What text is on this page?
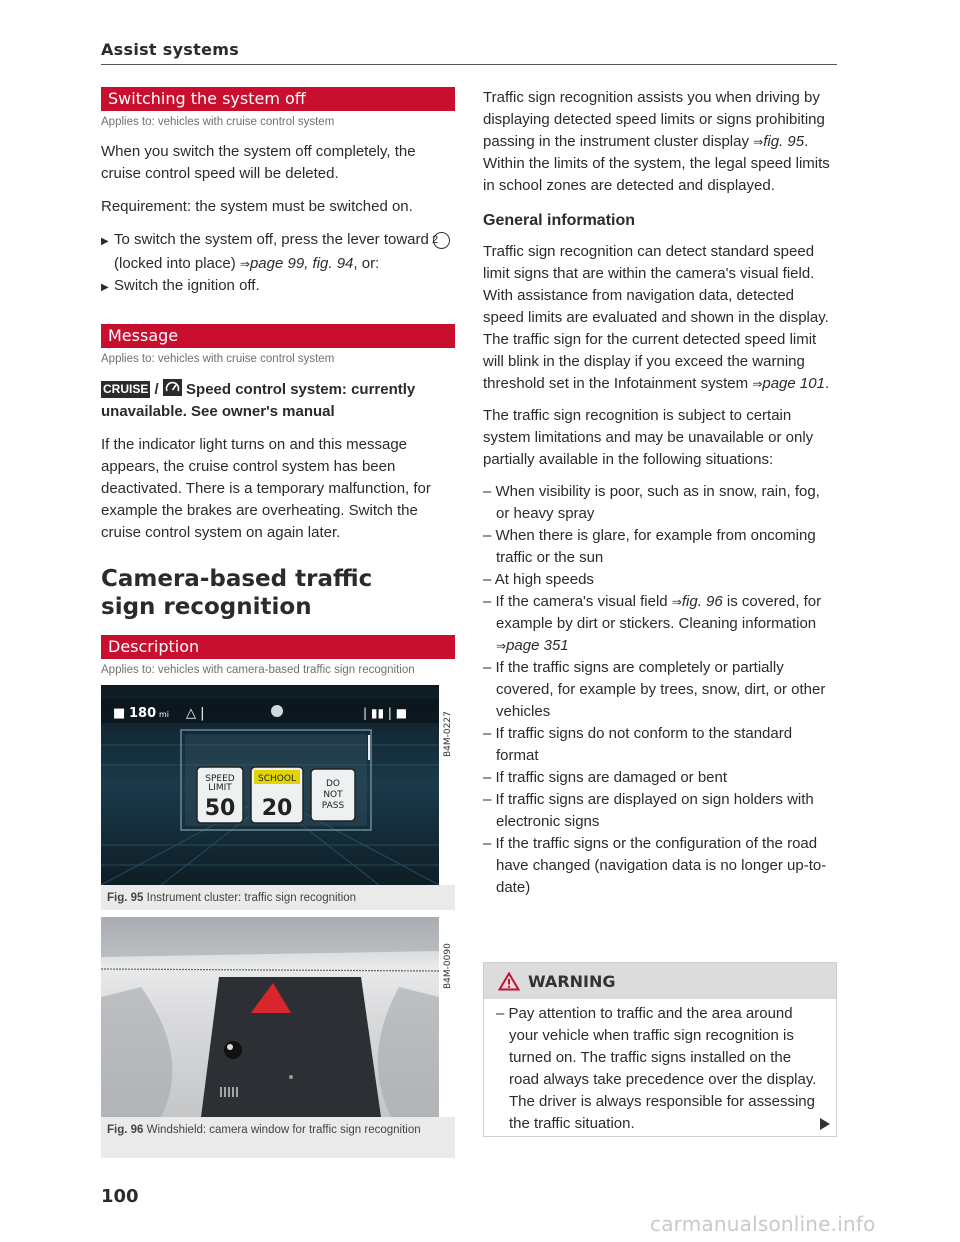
Assist systems
Switching the system off
Applies to: vehicles with cruise control system

When you switch the system off completely, the cruise control speed will be deleted.

Requirement: the system must be switched on.

▶ To switch the system off, press the lever toward 2 (locked into place) ⇒page 99, fig. 94, or:
▶ Switch the ignition off.
Message
Applies to: vehicles with cruise control system
CRUISE /  Speed control system: currently unavailable. See owner's manual

If the indicator light turns on and this message appears, the cruise control system has been deactivated. There is a temporary malfunction, for example the brakes are overheating. Switch the cruise control system on again later.

Camera-based traffic
sign recognition
Description
Applies to: vehicles with camera-based traffic sign recognition
■ 180 mi △ |	| ▮▮ | ■
SPEED
LIMIT
50
SCHOOL
20
DO
NOT
PASS
B4M-0227
Fig. 95 Instrument cluster: traffic sign recognition
B4M-0090
Fig. 96 Windshield: camera window for traffic sign recognition

Traffic sign recognition assists you when driving by displaying detected speed limits or signs prohibiting passing in the instrument cluster display ⇒fig. 95. Within the limits of the system, the legal speed limits in school zones are detected and displayed.

General information

Traffic sign recognition can detect standard speed limit signs that are within the camera's visual field. With assistance from navigation data, detected speed limits are evaluated and shown in the display. The traffic sign for the current detected speed limit will blink in the display if you exceed the warning threshold set in the Infotainment system ⇒page 101.

The traffic sign recognition is subject to certain system limitations and may be unavailable or only partially available in the following situations:

– When visibility is poor, such as in snow, rain, fog, or heavy spray
– When there is glare, for example from oncoming traffic or the sun
– At high speeds
– If the camera's visual field ⇒fig. 96 is covered, for example by dirt or stickers. Cleaning information ⇒page 351
– If the traffic signs are completely or partially covered, for example by trees, snow, dirt, or other vehicles
– If traffic signs do not conform to the standard format
– If traffic signs are damaged or bent
– If traffic signs are displayed on sign holders with electronic signs
– If the traffic signs or the configuration of the road have changed (navigation data is no longer up-to-date)
WARNING
– Pay attention to traffic and the area around your vehicle when traffic sign recognition is turned on. The traffic signs installed on the road always take precedence over the display. The driver is always responsible for assessing the traffic situation.
100
carmanualsonline.info
